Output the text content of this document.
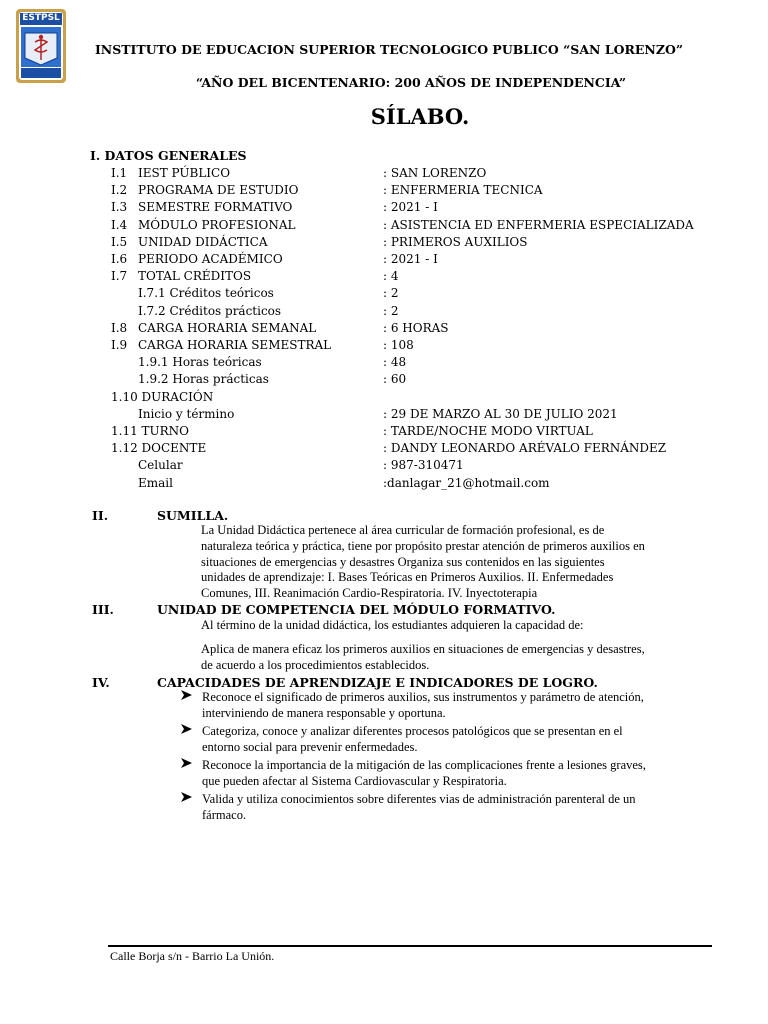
ESTPSL
INSTITUTO DE EDUCACION SUPERIOR TECNOLOGICO PUBLICO “SAN LORENZO”
“AÑO DEL BICENTENARIO: 200 AÑOS DE INDEPENDENCIA”
SÍLABO.
I. DATOS GENERALES
I.1 IEST PÚBLICO	: SAN LORENZO
I.2 PROGRAMA DE ESTUDIO	: ENFERMERIA TECNICA
I.3 SEMESTRE FORMATIVO	: 2021 - I
I.4 MÓDULO PROFESIONAL	: ASISTENCIA ED ENFERMERIA ESPECIALIZADA
I.5 UNIDAD DIDÁCTICA	: PRIMEROS AUXILIOS
I.6 PERIODO ACADÉMICO	: 2021 - I
I.7 TOTAL CRÉDITOS	: 4
I.7.1 Créditos teóricos	: 2
I.7.2 Créditos prácticos	: 2
I.8 CARGA HORARIA SEMANAL	: 6 HORAS
I.9 CARGA HORARIA SEMESTRAL	: 108
1.9.1 Horas teóricas	: 48
1.9.2 Horas prácticas	: 60
1.10 DURACIÓN
Inicio y término	: 29 DE MARZO AL 30 DE JULIO 2021
1.11 TURNO	: TARDE/NOCHE MODO VIRTUAL
1.12 DOCENTE	: DANDY LEONARDO ARÉVALO FERNÁNDEZ
Celular	: 987-310471
Email	:danlagar_21@hotmail.com
II.	SUMILLA.
La Unidad Didáctica pertenece al área curricular de formación profesional, es de
naturaleza teórica y práctica, tiene por propósito prestar atención de primeros auxilios en
situaciones de emergencias y desastres Organiza sus contenidos en las siguientes
unidades de aprendizaje: I. Bases Teóricas en Primeros Auxilios. II. Enfermedades
Comunes, III. Reanimación Cardio-Respiratoria. IV. Inyectoterapia
III.	UNIDAD DE COMPETENCIA DEL MÓDULO FORMATIVO.
Al término de la unidad didáctica, los estudiantes adquieren la capacidad de:
Aplica de manera eficaz los primeros auxilios en situaciones de emergencias y desastres,
de acuerdo a los procedimientos establecidos.
IV.	CAPACIDADES DE APRENDIZAJE E INDICADORES DE LOGRO.
Reconoce el significado de primeros auxilios, sus instrumentos y parámetro de atención,
interviniendo de manera responsable y oportuna.
Categoriza, conoce y analizar diferentes procesos patológicos que se presentan en el
entorno social para prevenir enfermedades.
Reconoce la importancia de la mitigación de las complicaciones frente a lesiones graves,
que pueden afectar al Sistema Cardiovascular y Respiratoria.
Valida y utiliza conocimientos sobre diferentes vias de administración parenteral de un
fármaco.
Calle Borja s/n - Barrio La Unión.
